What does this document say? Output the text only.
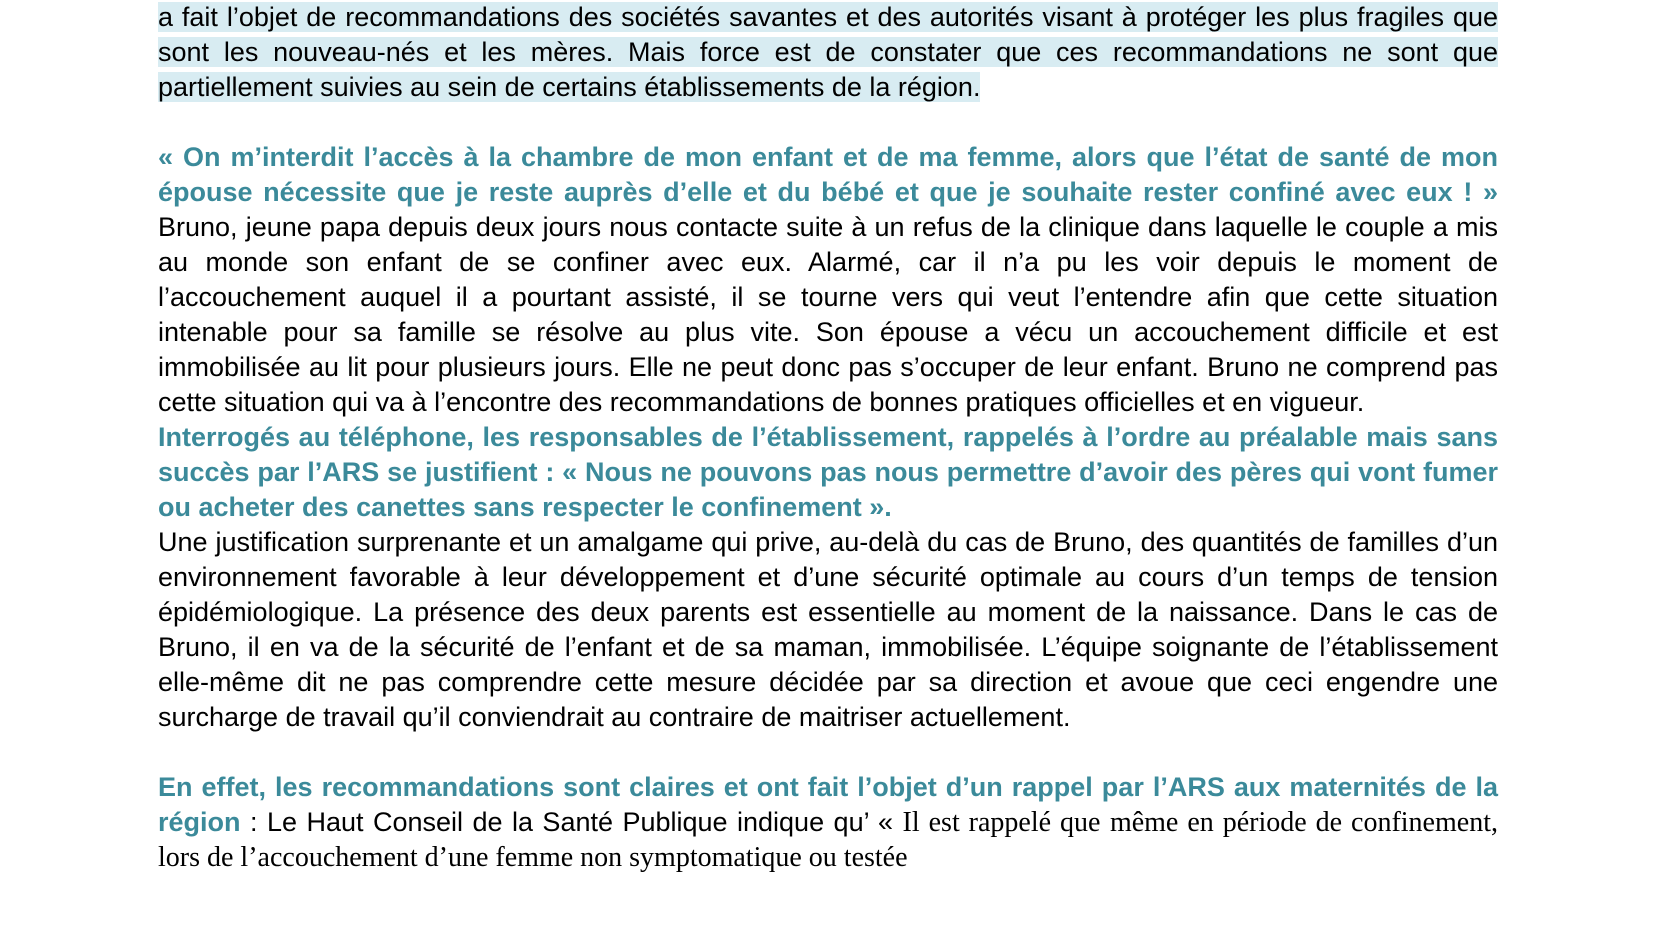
a fait l’objet de recommandations des sociétés savantes et des autorités visant à protéger les plus fragiles que sont les nouveau-nés et les mères. Mais force est de constater que ces recommandations ne sont que partiellement suivies au sein de certains établissements de la région.

« On m’interdit l’accès à la chambre de mon enfant et de ma femme, alors que l’état de santé de mon épouse nécessite que je reste auprès d’elle et du bébé et que je souhaite rester confiné avec eux ! » Bruno, jeune papa depuis deux jours nous contacte suite à un refus de la clinique dans laquelle le couple a mis au monde son enfant de se confiner avec eux. Alarmé, car il n’a pu les voir depuis le moment de l’accouchement auquel il a pourtant assisté, il se tourne vers qui veut l’entendre afin que cette situation intenable pour sa famille se résolve au plus vite. Son épouse a vécu un accouchement difficile et est immobilisée au lit pour plusieurs jours. Elle ne peut donc pas s’occuper de leur enfant. Bruno ne comprend pas cette situation qui va à l’encontre des recommandations de bonnes pratiques officielles et en vigueur.

Interrogés au téléphone, les responsables de l’établissement, rappelés à l’ordre au préalable mais sans succès par l’ARS se justifient : « Nous ne pouvons pas nous permettre d’avoir des pères qui vont fumer ou acheter des canettes sans respecter le confinement ».

Une justification surprenante et un amalgame qui prive, au-delà du cas de Bruno, des quantités de familles d’un environnement favorable à leur développement et d’une sécurité optimale au cours d’un temps de tension épidémiologique. La présence des deux parents est essentielle au moment de la naissance. Dans le cas de Bruno, il en va de la sécurité de l’enfant et de sa maman, immobilisée. L’équipe soignante de l’établissement elle-même dit ne pas comprendre cette mesure décidée par sa direction et avoue que ceci engendre une surcharge de travail qu’il conviendrait au contraire de maitriser actuellement.

En effet, les recommandations sont claires et ont fait l’objet d’un rappel par l’ARS aux maternités de la région : Le Haut Conseil de la Santé Publique indique qu’ « Il est rappelé que même en période de confinement, lors de l’accouchement d’une femme non symptomatique ou testée
